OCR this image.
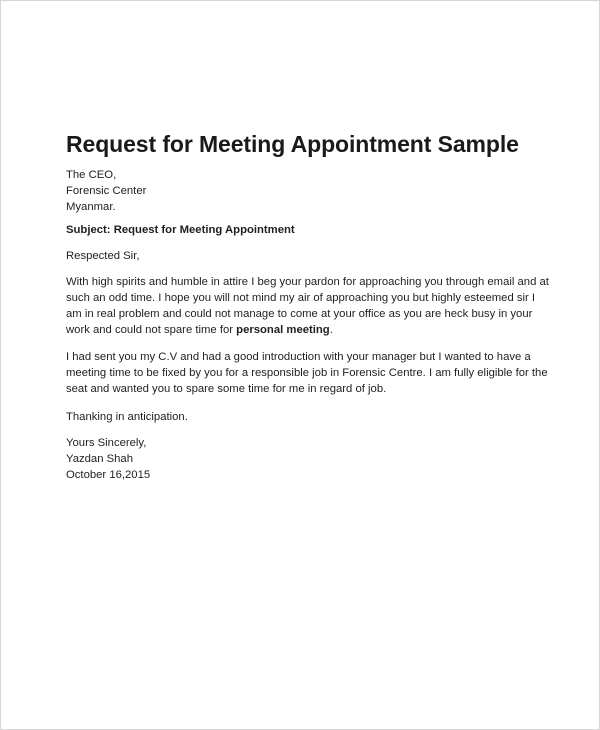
Request for Meeting Appointment Sample

The CEO,

Forensic Center

Myanmar.

Subject: Request for Meeting Appointment

Respected Sir,

With high spirits and humble in attire I beg your pardon for approaching you through email and at such an odd time. I hope you will not mind my air of approaching you but highly esteemed sir I am in real problem and could not manage to come at your office as you are heck busy in your work and could not spare time for personal meeting.

I had sent you my C.V and had a good introduction with your manager but I wanted to have a meeting time to be fixed by you for a responsible job in Forensic Centre. I am fully eligible for the seat and wanted you to spare some time for me in regard of job.

Thanking in anticipation.

Yours Sincerely,

Yazdan Shah

October 16,2015
